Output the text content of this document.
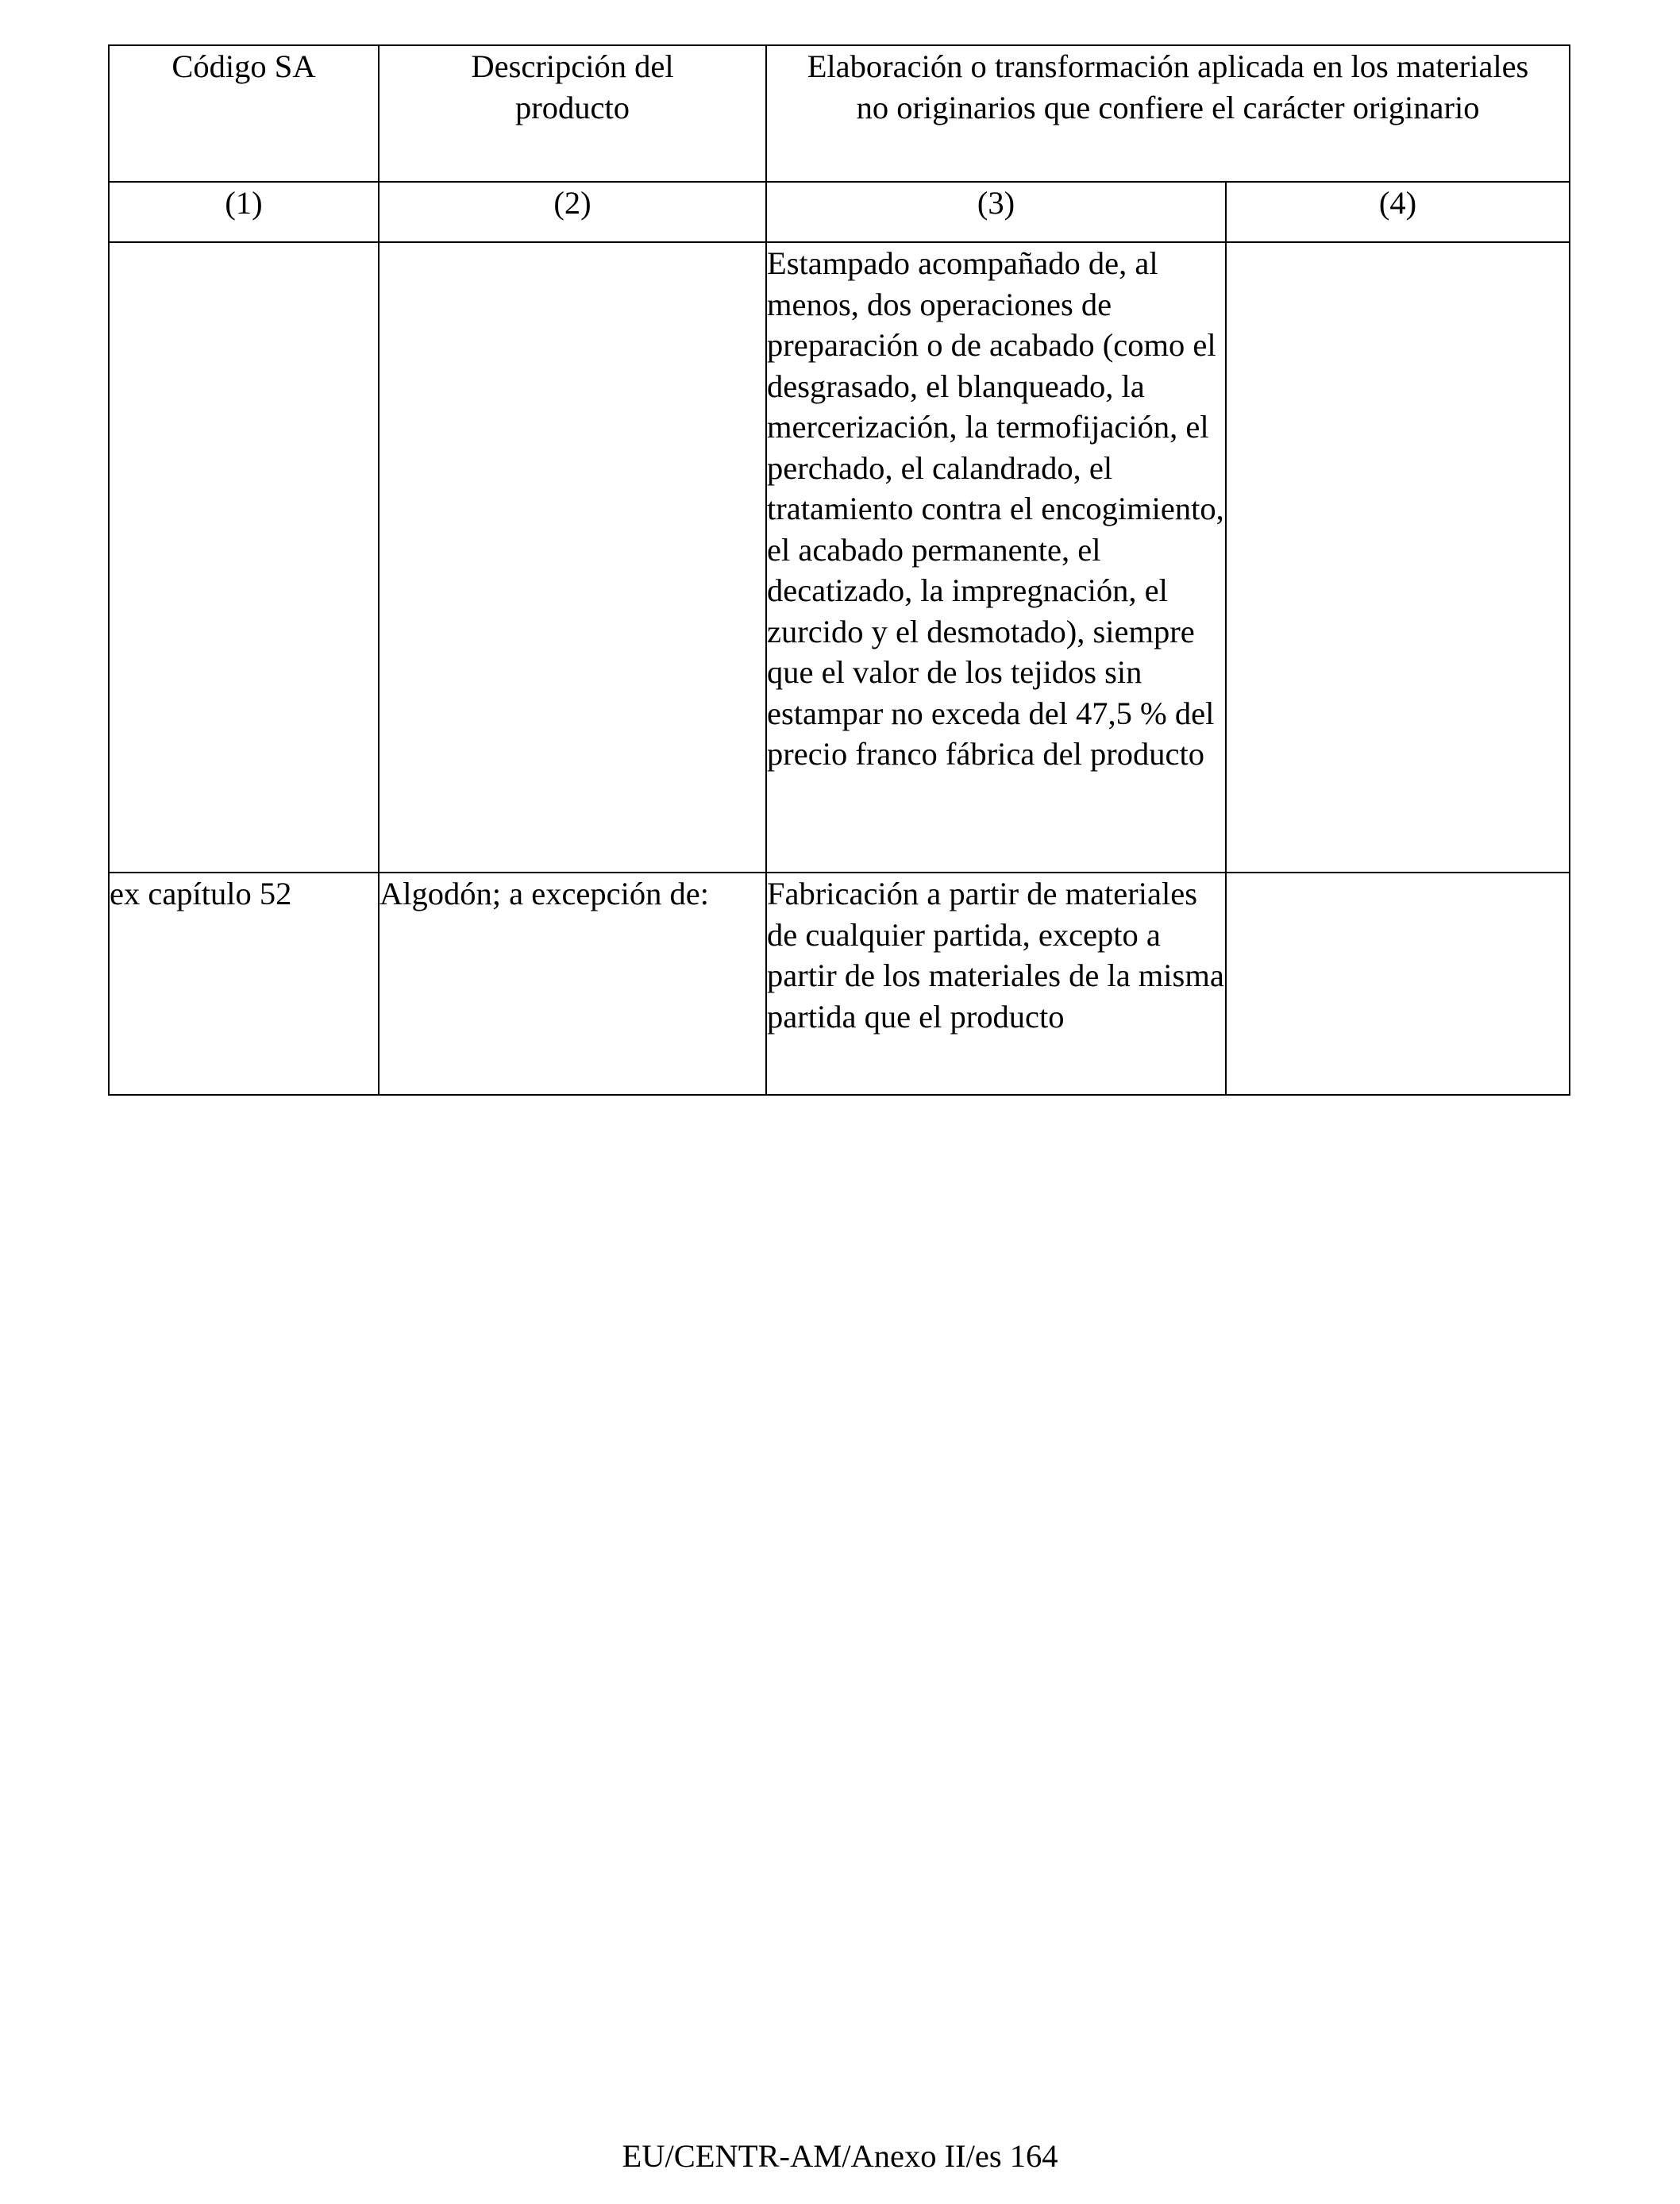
Código SA	Descripción del producto	Elaboración o transformación aplicada en los materiales no originarios que confiere el carácter originario	
(1)	(2)	(3)	(4)
		Estampado acompañado de, al menos, dos operaciones de preparación o de acabado (como el desgrasado, el blanqueado, la mercerización, la termofijación, el perchado, el calandrado, el tratamiento contra el encogimiento, el acabado permanente, el decatizado, la impregnación, el zurcido y el desmotado), siempre que el valor de los tejidos sin estampar no exceda del 47,5 % del precio franco fábrica del producto	
ex capítulo 52	Algodón; a excepción de:	Fabricación a partir de materiales de cualquier partida, excepto a partir de los materiales de la misma partida que el producto	
EU/CENTR-AM/Anexo II/es 164
